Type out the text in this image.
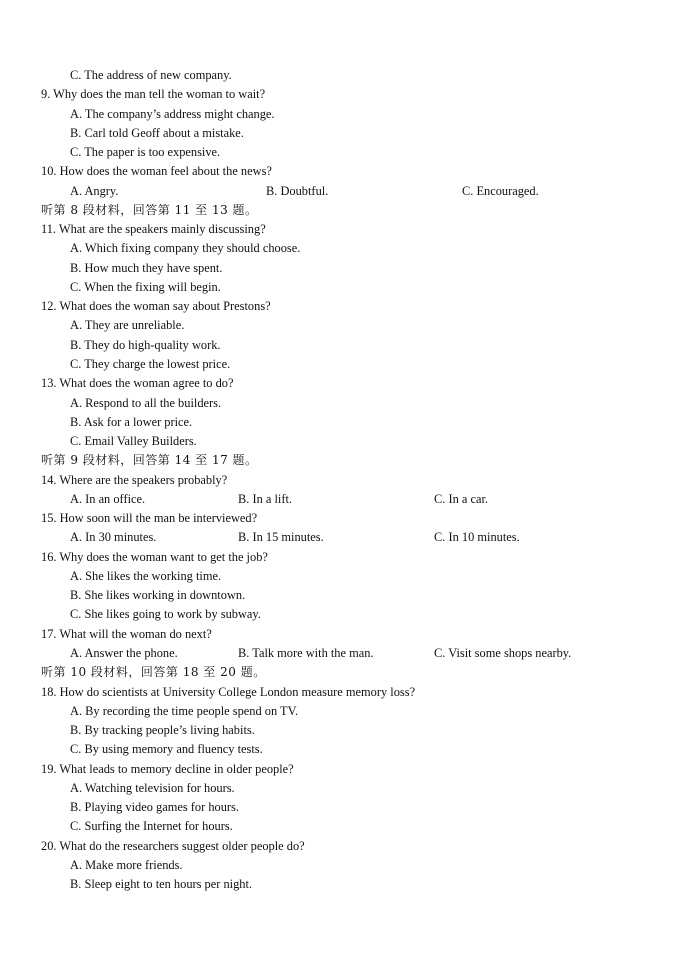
C. The address of new company.
9. Why does the man tell the woman to wait?
A. The company’s address might change.
B. Carl told Geoff about a mistake.
C. The paper is too expensive.
10. How does the woman feel about the news?
A. Angry.	B. Doubtful.	C. Encouraged.
听第 8 段材料，回答第 11 至 13 题。
11. What are the speakers mainly discussing?
A. Which fixing company they should choose.
B. How much they have spent.
C. When the fixing will begin.
12. What does the woman say about Prestons?
A. They are unreliable.
B. They do high-quality work.
C. They charge the lowest price.
13. What does the woman agree to do?
A. Respond to all the builders.
B. Ask for a lower price.
C. Email Valley Builders.
听第 9 段材料，回答第 14 至 17 题。
14. Where are the speakers probably?
A. In an office.	B. In a lift.	C. In a car.
15. How soon will the man be interviewed?
A. In 30 minutes.	B. In 15 minutes.	C. In 10 minutes.
16. Why does the woman want to get the job?
A. She likes the working time.
B. She likes working in downtown.
C. She likes going to work by subway.
17. What will the woman do next?
A. Answer the phone.	B. Talk more with the man.	C. Visit some shops nearby.
听第 10 段材料，回答第 18 至 20 题。
18. How do scientists at University College London measure memory loss?
A. By recording the time people spend on TV.
B. By tracking people’s living habits.
C. By using memory and fluency tests.
19. What leads to memory decline in older people?
A. Watching television for hours.
B. Playing video games for hours.
C. Surfing the Internet for hours.
20. What do the researchers suggest older people do?
A. Make more friends.
B. Sleep eight to ten hours per night.
